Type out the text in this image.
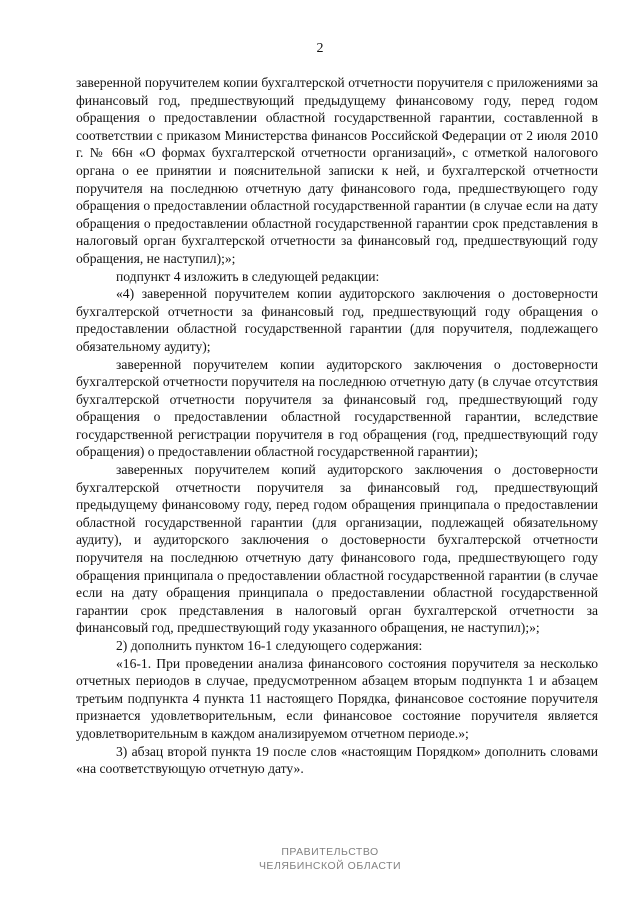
2

заверенной поручителем копии бухгалтерской отчетности поручителя с приложениями за финансовый год, предшествующий предыдущему финансовому году, перед годом обращения о предоставлении областной государственной гарантии, составленной в соответствии с приказом Министерства финансов Российской Федерации от 2 июля 2010 г. № 66н «О формах бухгалтерской отчетности организаций», с отметкой налогового органа о ее принятии и пояснительной записки к ней, и бухгалтерской отчетности поручителя на последнюю отчетную дату финансового года, предшествующего году обращения о предоставлении областной государственной гарантии (в случае если на дату обращения о предоставлении областной государственной гарантии срок представления в налоговый орган бухгалтерской отчетности за финансовый год, предшествующий году обращения, не наступил);»;

подпункт 4 изложить в следующей редакции:

«4) заверенной поручителем копии аудиторского заключения о достоверности бухгалтерской отчетности за финансовый год, предшествующий году обращения о предоставлении областной государственной гарантии (для поручителя, подлежащего обязательному аудиту);

заверенной поручителем копии аудиторского заключения о достоверности бухгалтерской отчетности поручителя на последнюю отчетную дату (в случае отсутствия бухгалтерской отчетности поручителя за финансовый год, предшествующий году обращения о предоставлении областной государственной гарантии, вследствие государственной регистрации поручителя в год обращения (год, предшествующий году обращения) о предоставлении областной государственной гарантии);

заверенных поручителем копий аудиторского заключения о достоверности бухгалтерской отчетности поручителя за финансовый год, предшествующий предыдущему финансовому году, перед годом обращения принципала о предоставлении областной государственной гарантии (для организации, подлежащей обязательному аудиту), и аудиторского заключения о достоверности бухгалтерской отчетности поручителя на последнюю отчетную дату финансового года, предшествующего году обращения принципала о предоставлении областной государственной гарантии (в случае если на дату обращения принципала о предоставлении областной государственной гарантии срок представления в налоговый орган бухгалтерской отчетности за финансовый год, предшествующий году указанного обращения, не наступил);»;

2) дополнить пунктом 16-1 следующего содержания:

«16-1. При проведении анализа финансового состояния поручителя за несколько отчетных периодов в случае, предусмотренном абзацем вторым подпункта 1 и абзацем третьим подпункта 4 пункта 11 настоящего Порядка, финансовое состояние поручителя признается удовлетворительным, если финансовое состояние поручителя является удовлетворительным в каждом анализируемом отчетном периоде.»;

3) абзац второй пункта 19 после слов «настоящим Порядком» дополнить словами «на соответствующую отчетную дату».

ПРАВИТЕЛЬСТВО
ЧЕЛЯБИНСКОЙ ОБЛАСТИ
